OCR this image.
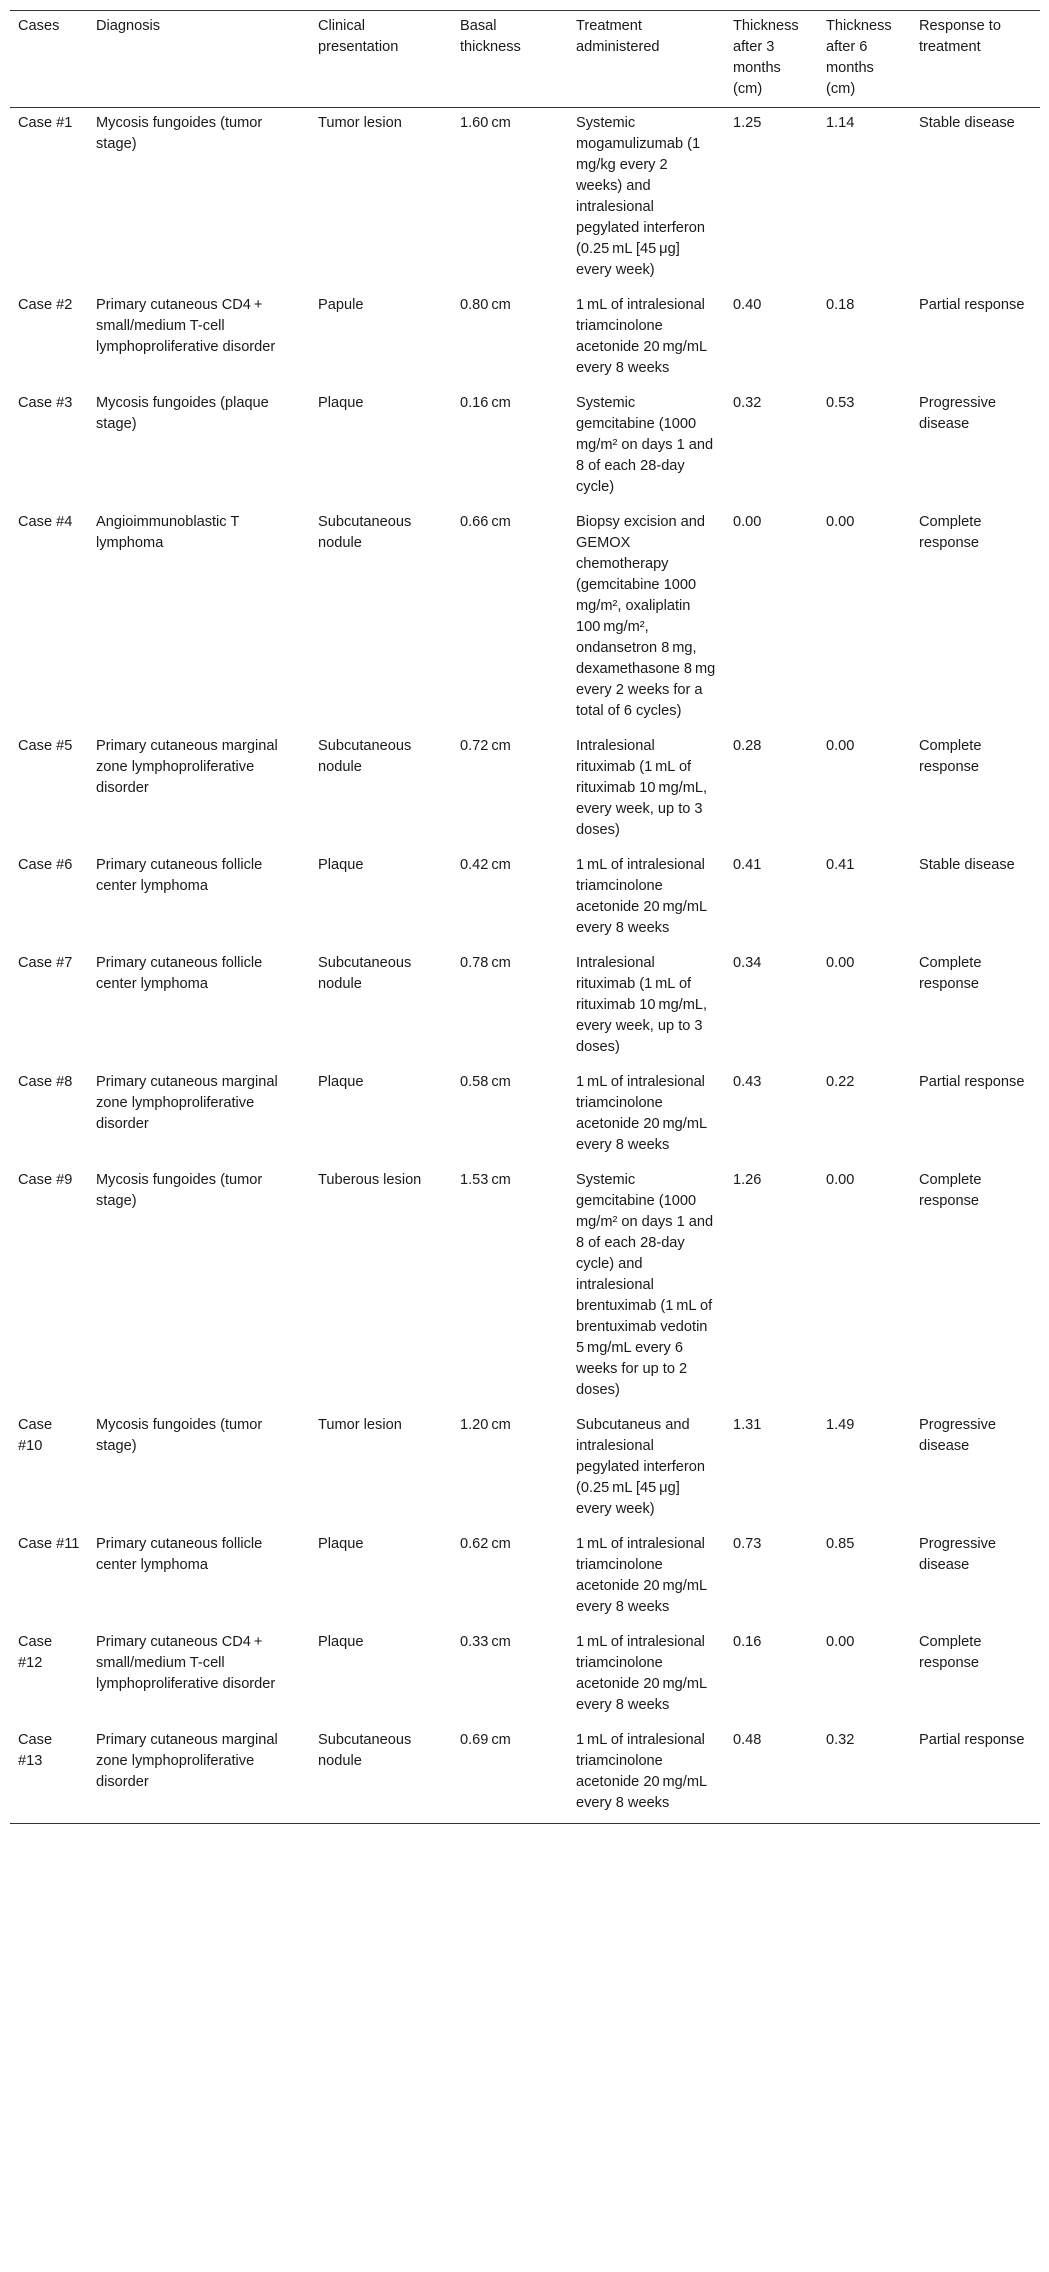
Cases	Diagnosis	Clinical presentation	Basal thickness	Treatment administered	Thickness after 3 months (cm)	Thickness after 6 months (cm)	Response to treatment
Case #1	Mycosis fungoides (tumor stage)	Tumor lesion	1.60 cm	Systemic mogamulizumab (1 mg/kg every 2 weeks) and intralesional pegylated interferon (0.25 mL [45 μg] every week)	1.25	1.14	Stable disease
Case #2	Primary cutaneous CD4 + small/medium T-cell lymphoproliferative disorder	Papule	0.80 cm	1 mL of intralesional triamcinolone acetonide 20 mg/mL every 8 weeks	0.40	0.18	Partial response
Case #3	Mycosis fungoides (plaque stage)	Plaque	0.16 cm	Systemic gemcitabine (1000 mg/m² on days 1 and 8 of each 28-day cycle)	0.32	0.53	Progressive disease
Case #4	Angioimmunoblastic T lymphoma	Subcutaneous nodule	0.66 cm	Biopsy excision and GEMOX chemotherapy (gemcitabine 1000 mg/m², oxaliplatin 100 mg/m², ondansetron 8 mg, dexamethasone 8 mg every 2 weeks for a total of 6 cycles)	0.00	0.00	Complete response
Case #5	Primary cutaneous marginal zone lymphoproliferative disorder	Subcutaneous nodule	0.72 cm	Intralesional rituximab (1 mL of rituximab 10 mg/mL, every week, up to 3 doses)	0.28	0.00	Complete response
Case #6	Primary cutaneous follicle center lymphoma	Plaque	0.42 cm	1 mL of intralesional triamcinolone acetonide 20 mg/mL every 8 weeks	0.41	0.41	Stable disease
Case #7	Primary cutaneous follicle center lymphoma	Subcutaneous nodule	0.78 cm	Intralesional rituximab (1 mL of rituximab 10 mg/mL, every week, up to 3 doses)	0.34	0.00	Complete response
Case #8	Primary cutaneous marginal zone lymphoproliferative disorder	Plaque	0.58 cm	1 mL of intralesional triamcinolone acetonide 20 mg/mL every 8 weeks	0.43	0.22	Partial response
Case #9	Mycosis fungoides (tumor stage)	Tuberous lesion	1.53 cm	Systemic gemcitabine (1000 mg/m² on days 1 and 8 of each 28-day cycle) and intralesional brentuximab (1 mL of brentuximab vedotin 5 mg/mL every 6 weeks for up to 2 doses)	1.26	0.00	Complete response
Case #10	Mycosis fungoides (tumor stage)	Tumor lesion	1.20 cm	Subcutaneus and intralesional pegylated interferon (0.25 mL [45 μg] every week)	1.31	1.49	Progressive disease
Case #11	Primary cutaneous follicle center lymphoma	Plaque	0.62 cm	1 mL of intralesional triamcinolone acetonide 20 mg/mL every 8 weeks	0.73	0.85	Progressive disease
Case #12	Primary cutaneous CD4 + small/medium T-cell lymphoproliferative disorder	Plaque	0.33 cm	1 mL of intralesional triamcinolone acetonide 20 mg/mL every 8 weeks	0.16	0.00	Complete response
Case #13	Primary cutaneous marginal zone lymphoproliferative disorder	Subcutaneous nodule	0.69 cm	1 mL of intralesional triamcinolone acetonide 20 mg/mL every 8 weeks	0.48	0.32	Partial response
